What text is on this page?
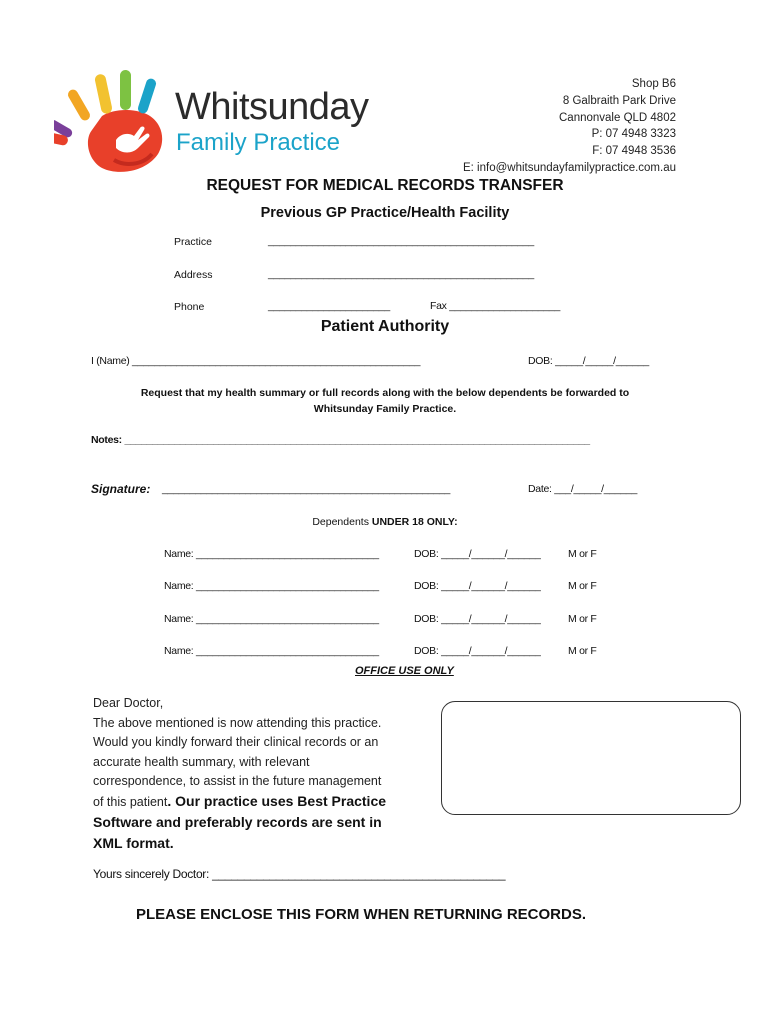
Whitsunday
Family Practice
Shop B6
8 Galbraith Park Drive
Cannonvale QLD 4802
P: 07 4948 3323
F: 07 4948 3536
E: info@whitsundayfamilypractice.com.au
REQUEST FOR MEDICAL RECORDS TRANSFER
Previous GP Practice/Health Facility
Practice	________________________________________________
Address	________________________________________________
Phone	______________________	Fax ____________________
Patient Authority
I (Name) ____________________________________________________	DOB: _____/_____/______
Request that my health summary or full records along with the below dependents be forwarded to
Whitsunday Family Practice.
Notes: ____________________________________________________________________________________
Signature: ____________________________________________________	Date: ___/_____/______
Dependents UNDER 18 ONLY:
Name: _________________________________	DOB: _____/______/______	M or F
Name: _________________________________	DOB: _____/______/______	M or F
Name: _________________________________	DOB: _____/______/______	M or F
Name: _________________________________	DOB: _____/______/______	M or F
OFFICE USE ONLY
Dear Doctor,
The above mentioned is now attending this practice.
Would you kindly forward their clinical records or an
accurate health summary, with relevant
correspondence, to assist in the future management
of this patient. Our practice uses Best Practice
Software and preferably records are sent in
XML format.
Yours sincerely Doctor: ______________________________________________
PLEASE ENCLOSE THIS FORM WHEN RETURNING RECORDS.
